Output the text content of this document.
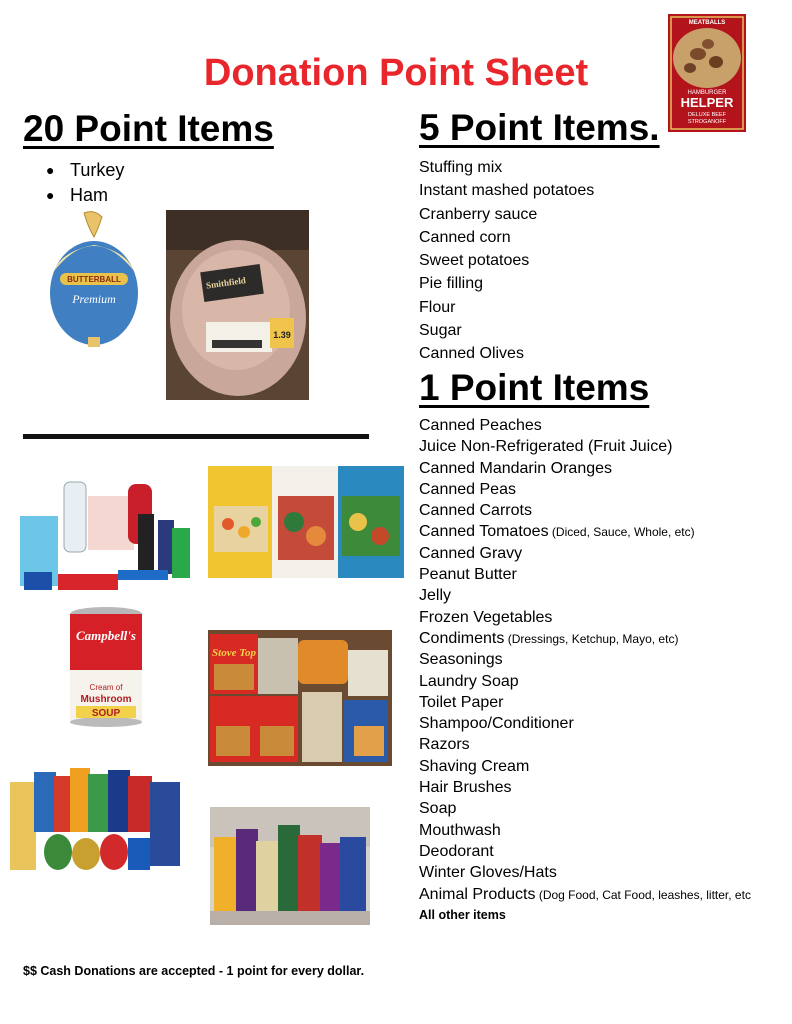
Donation Point Sheet
MEATBALLS
HAMBURGER
HELPER
DELUXE BEEF
STROGANOFF
20 Point Items
● Turkey
● Ham
BUTTERBALL
Premium
Smithfield
1.39
Campbell's
Cream of
Mushroom
SOUP
Stove Top
5 Point Items.
Stuffing mix
Instant mashed potatoes
Cranberry sauce
Canned corn
Sweet potatoes
Pie filling
Flour
Sugar
Canned Olives
1 Point Items
Canned Peaches
Juice Non-Refrigerated (Fruit Juice)
Canned Mandarin Oranges
Canned Peas
Canned Carrots
Canned Tomatoes (Diced, Sauce, Whole, etc)
Canned Gravy
Peanut Butter
Jelly
Frozen Vegetables
Condiments (Dressings, Ketchup, Mayo, etc)
Seasonings
Laundry Soap
Toilet Paper
Shampoo/Conditioner
Razors
Shaving Cream
Hair Brushes
Soap
Mouthwash
Deodorant
Winter Gloves/Hats
Animal Products (Dog Food, Cat Food, leashes, litter, etc
All other items
$$ Cash Donations are accepted - 1 point for every dollar.
